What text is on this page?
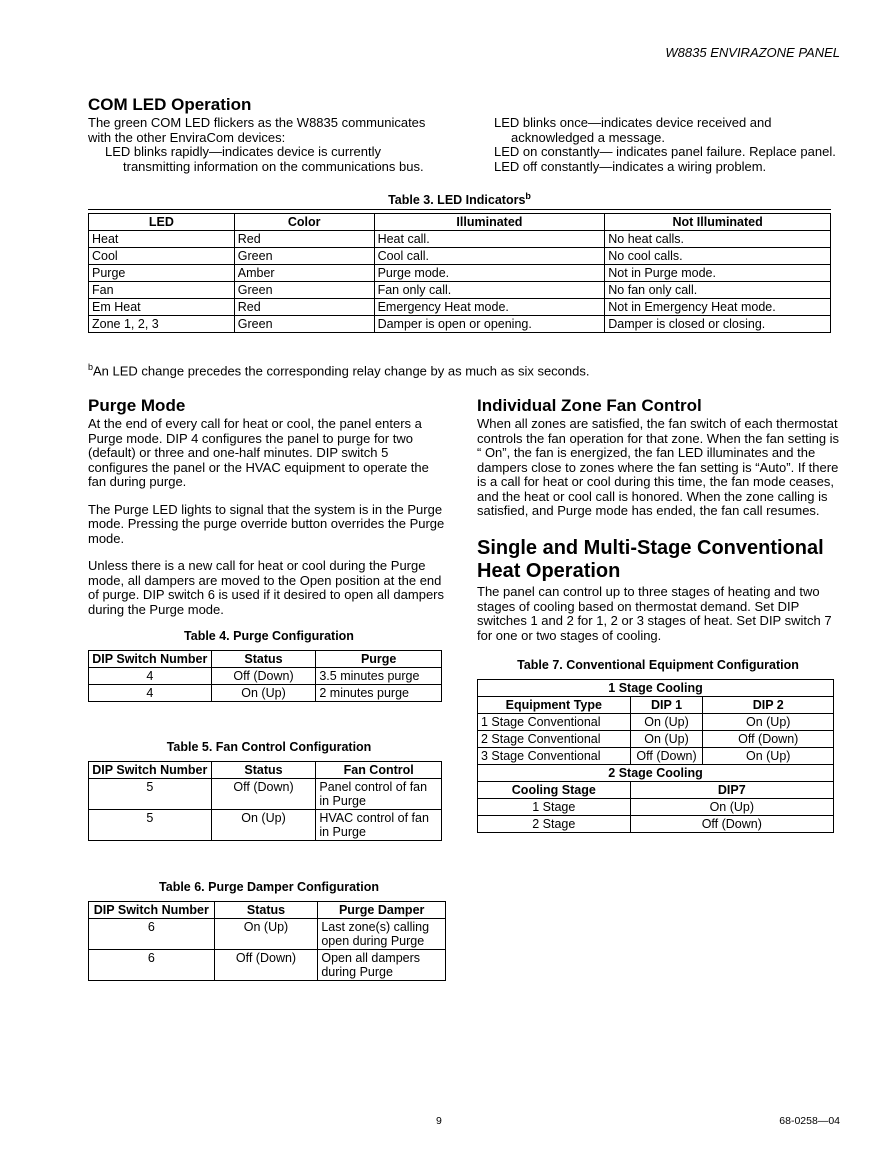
W8835 ENVIRAZONE PANEL
COM LED Operation

The green COM LED flickers as the W8835 communicates with the other EnviraCom devices:

LED blinks rapidly—indicates device is currently

transmitting information on the communications bus.

LED blinks once—indicates device received and

acknowledged a message.

LED on constantly— indicates panel failure. Replace panel.

LED off constantly—indicates a wiring problem.

Table 3. LED Indicators$^b$
LED	Color	Illuminated	Not Illuminated
Heat	Red	Heat call.	No heat calls.
Cool	Green	Cool call.	No cool calls.
Purge	Amber	Purge mode.	Not in Purge mode.
Fan	Green	Fan only call.	No fan only call.
Em Heat	Red	Emergency Heat mode.	Not in Emergency Heat mode.
Zone 1, 2, 3	Green	Damper is open or opening.	Damper is closed or closing.
$^b$An LED change precedes the corresponding relay change by as much as six seconds.
Purge Mode

At the end of every call for heat or cool, the panel enters a Purge mode. DIP 4 configures the panel to purge for two (default) or three and one-half minutes. DIP switch 5 configures the panel or the HVAC equipment to operate the fan during purge.

The Purge LED lights to signal that the system is in the Purge mode. Pressing the purge override button overrides the Purge mode.

Unless there is a new call for heat or cool during the Purge mode, all dampers are moved to the Open position at the end of purge. DIP switch 6 is used if it desired to open all dampers during the Purge mode.

Table 4. Purge Configuration
DIP Switch Number	Status	Purge
4	Off (Down)	3.5 minutes purge
4	On (Up)	2 minutes purge
Table 5. Fan Control Configuration
DIP Switch Number	Status	Fan Control
5	Off (Down)	Panel control of fan in Purge
5	On (Up)	HVAC control of fan in Purge
Table 6. Purge Damper Configuration
DIP Switch Number	Status	Purge Damper
6	On (Up)	Last zone(s) calling open during Purge
6	Off (Down)	Open all dampers during Purge
Individual Zone Fan Control

When all zones are satisfied, the fan switch of each thermostat controls the fan operation for that zone. When the fan setting is “ On”, the fan is energized, the fan LED illuminates and the dampers close to zones where the fan setting is “Auto”. If there is a call for heat or cool during this time, the fan mode ceases, and the heat or cool call is honored. When the zone calling is satisfied, and Purge mode has ended, the fan call resumes.

Single and Multi-Stage Conventional
Heat Operation

The panel can control up to three stages of heating and two stages of cooling based on thermostat demand. Set DIP switches 1 and 2 for 1, 2 or 3 stages of heat. Set DIP switch 7 for one or two stages of cooling.

Table 7. Conventional Equipment Configuration
1 Stage Cooling		
Equipment Type	DIP 1	DIP 2
1 Stage Conventional	On (Up)	On (Up)
2 Stage Conventional	On (Up)	Off (Down)
3 Stage Conventional	Off (Down)	On (Up)
2 Stage Cooling		
Cooling Stage	DIP7	
1 Stage	On (Up)	
2 Stage	Off (Down)	
9	68-0258—04
